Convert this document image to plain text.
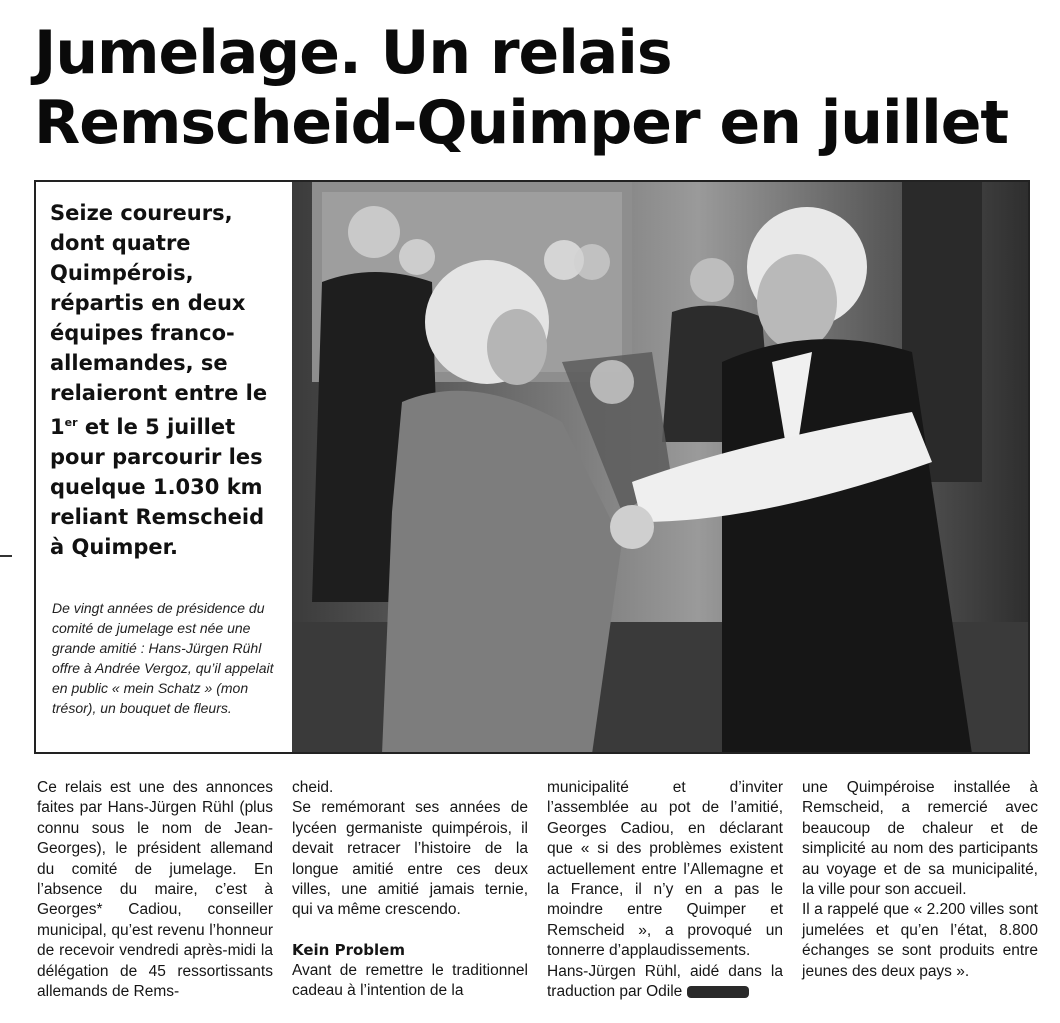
Jumelage. Un relais
Remscheid-Quimper en juillet
Seize coureurs, dont quatre Quimpérois, répartis en deux équipes franco-allemandes, se relaieront entre le 1er et le 5 juillet pour parcourir les quelque 1.030 km reliant Remscheid à Quimper.
De vingt années de présidence du comité de jumelage est née une grande amitié : Hans-Jürgen Rühl offre à Andrée Vergoz, qu’il appelait en public « mein Schatz » (mon trésor), un bouquet de fleurs.

Ce relais est une des annonces faites par Hans-Jürgen Rühl (plus connu sous le nom de Jean-Georges), le président allemand du comité de jumelage. En l’absence du maire, c’est à Georges* Cadiou, conseiller municipal, qu’est revenu l’honneur de recevoir vendredi après-midi la délégation de 45 ressortissants allemands de Rems-

cheid.

Se remémorant ses années de lycéen germaniste quimpérois, il devait retracer l’histoire de la longue amitié entre ces deux villes, une amitié jamais ternie, qui va même crescendo.

Kein Problem

Avant de remettre le traditionnel cadeau à l’intention de la

municipalité et d’inviter l’assemblée au pot de l’amitié, Georges Cadiou, en déclarant que « si des problèmes existent actuellement entre l’Allemagne et la France, il n’y en a pas le moindre entre Quimper et Remscheid », a provoqué un tonnerre d’applaudissements.

Hans-Jürgen Rühl, aidé dans la traduction par Odile

une Quimpéroise installée à Remscheid, a remercié avec beaucoup de chaleur et de simplicité au nom des participants au voyage et de sa municipalité, la ville pour son accueil.

Il a rappelé que « 2.200 villes sont jumelées et qu’en l’état, 8.800 échanges se sont produits entre jeunes des deux pays ».
